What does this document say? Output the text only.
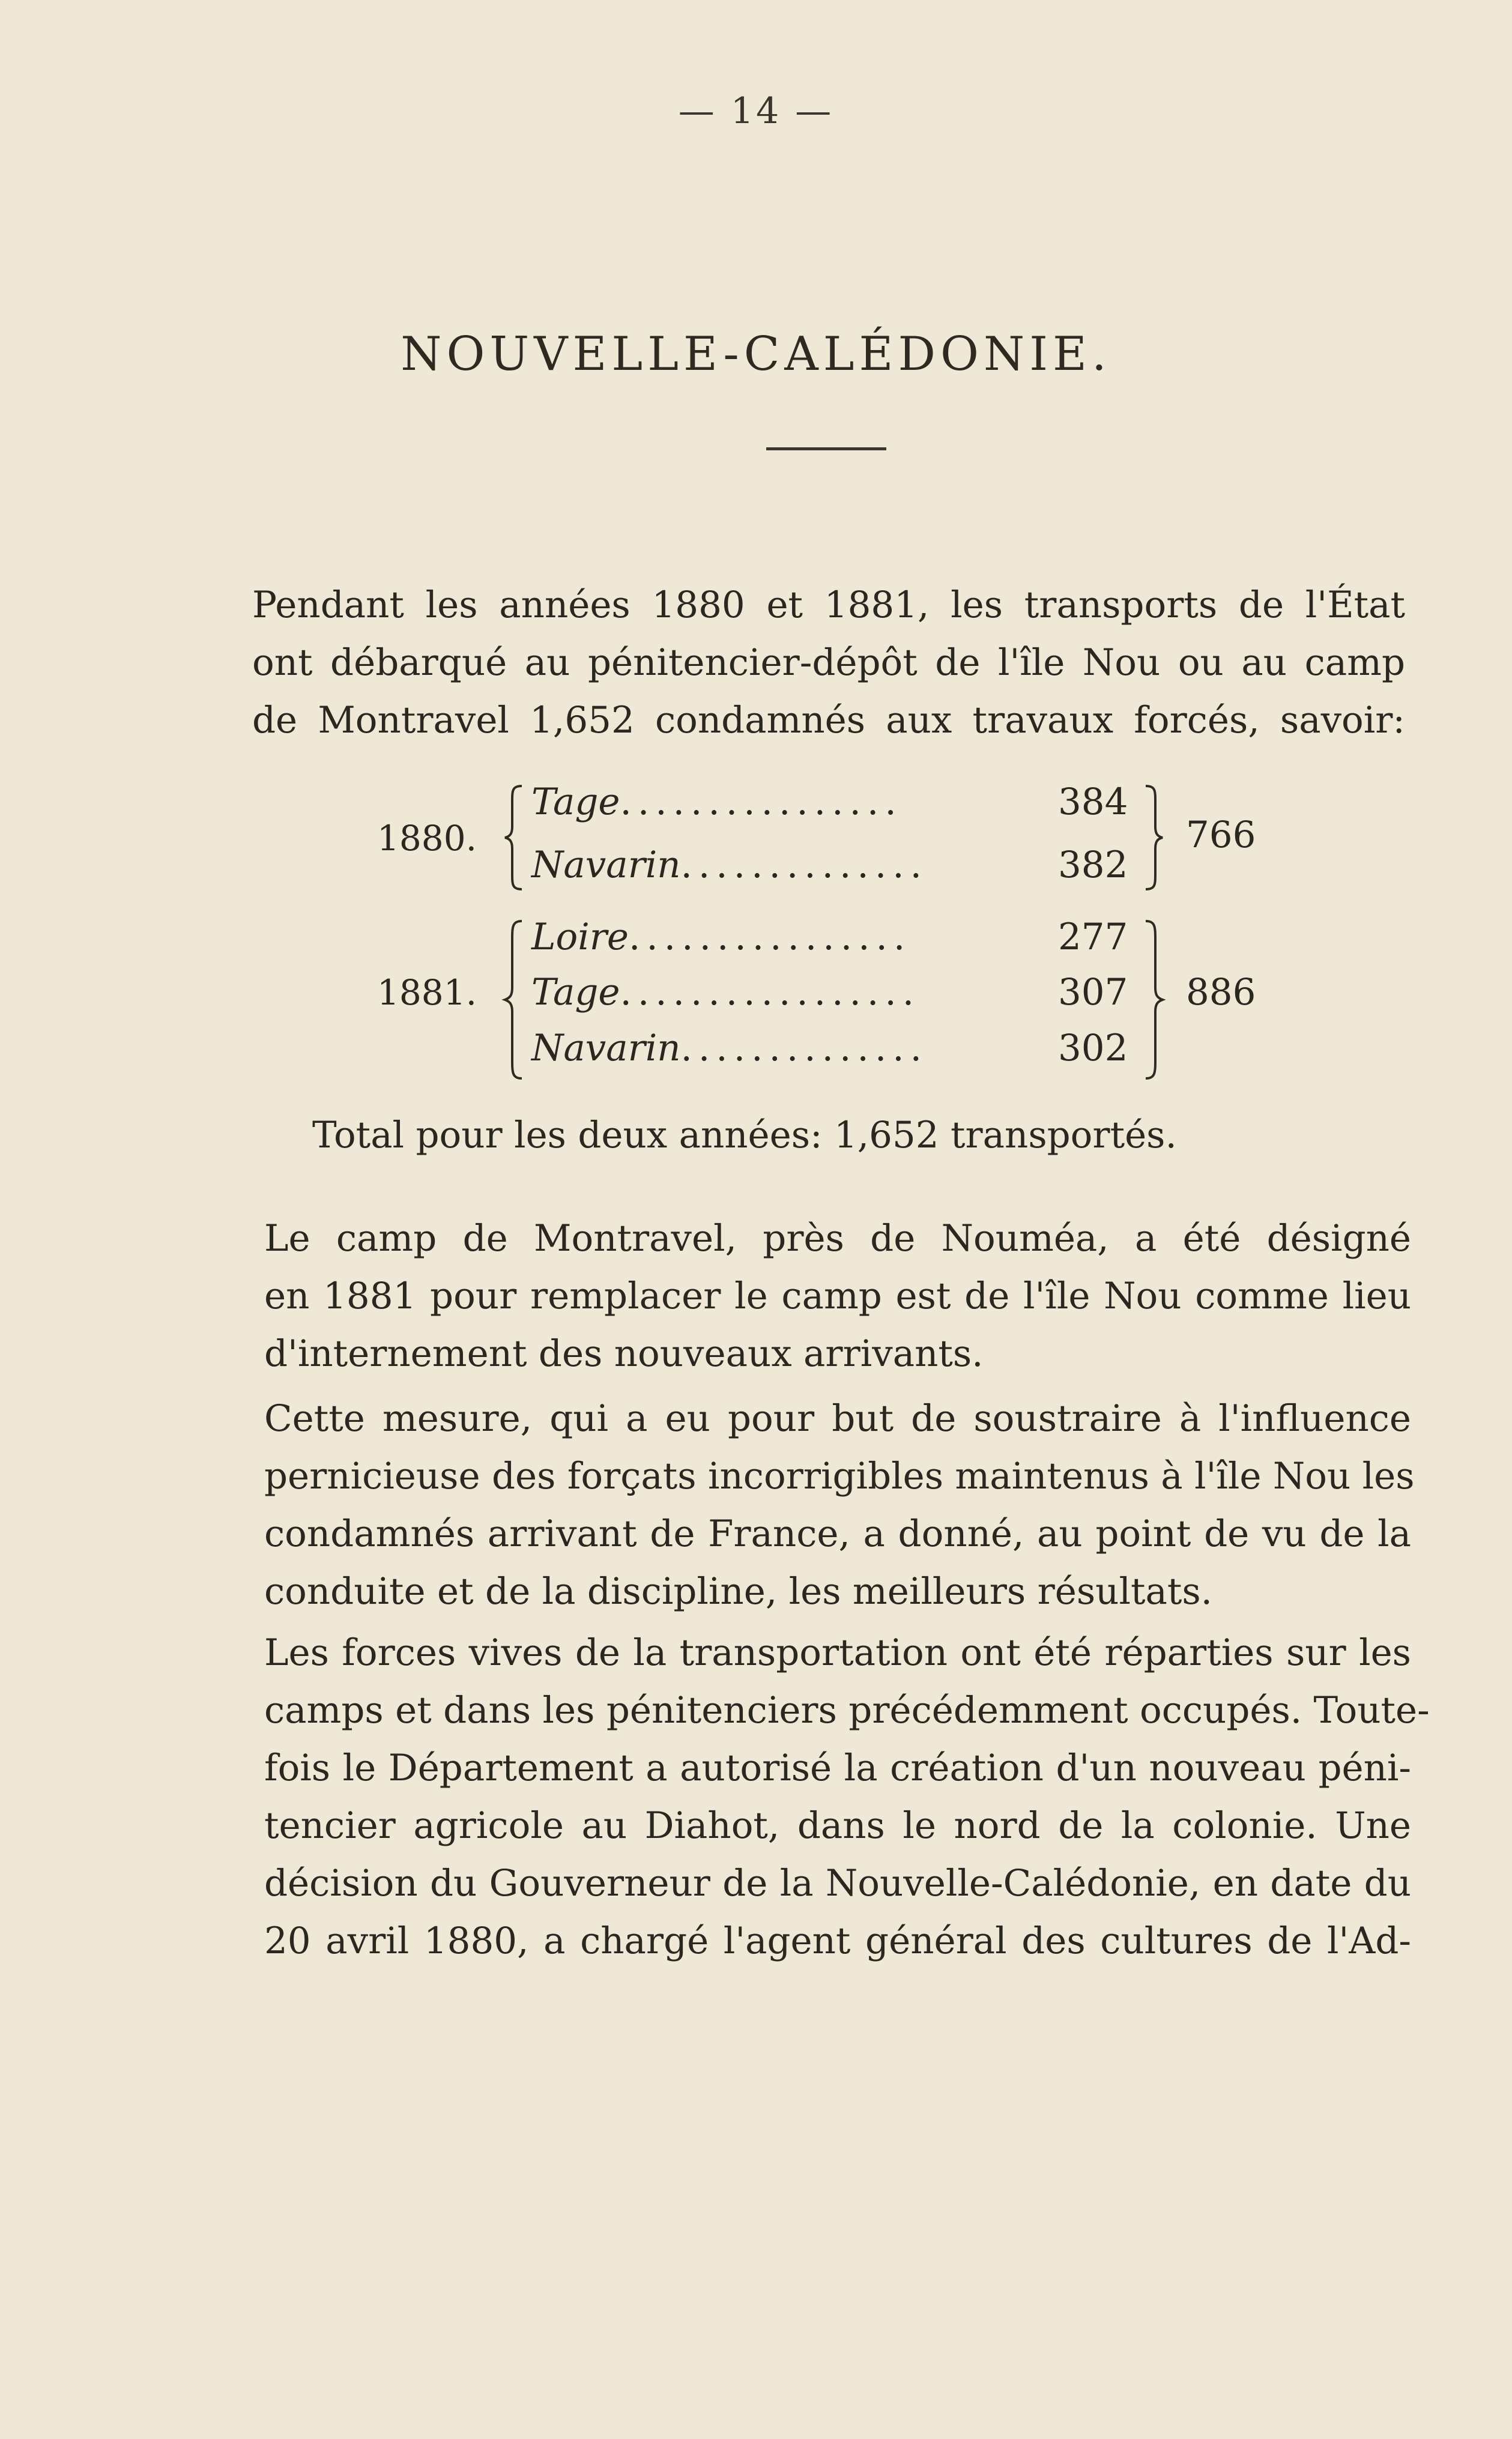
— 14 —
NOUVELLE-CALÉDONIE.
Pendant les années 1880 et 1881, les transports de l'État
ont débarqué au pénitencier-dépôt de l'île Nou ou au camp
de Montravel 1,652 condamnés aux travaux forcés, savoir:
1880.
Tage................	384
Navarin..............	382
766
1881.
Loire................	277
Tage.................	307
Navarin..............	302
886
Total pour les deux années: 1,652 transportés.
Le camp de Montravel, près de Nouméa, a été désigné
en 1881 pour remplacer le camp est de l'île Nou comme lieu
d'internement des nouveaux arrivants.
Cette mesure, qui a eu pour but de soustraire à l'influence
pernicieuse des forçats incorrigibles maintenus à l'île Nou les
condamnés arrivant de France, a donné, au point de vu de la
conduite et de la discipline, les meilleurs résultats.
Les forces vives de la transportation ont été réparties sur les
camps et dans les pénitenciers précédemment occupés. Toute-
fois le Département a autorisé la création d'un nouveau péni-
tencier agricole au Diahot, dans le nord de la colonie. Une
décision du Gouverneur de la Nouvelle-Calédonie, en date du
20 avril 1880, a chargé l'agent général des cultures de l'Ad-
